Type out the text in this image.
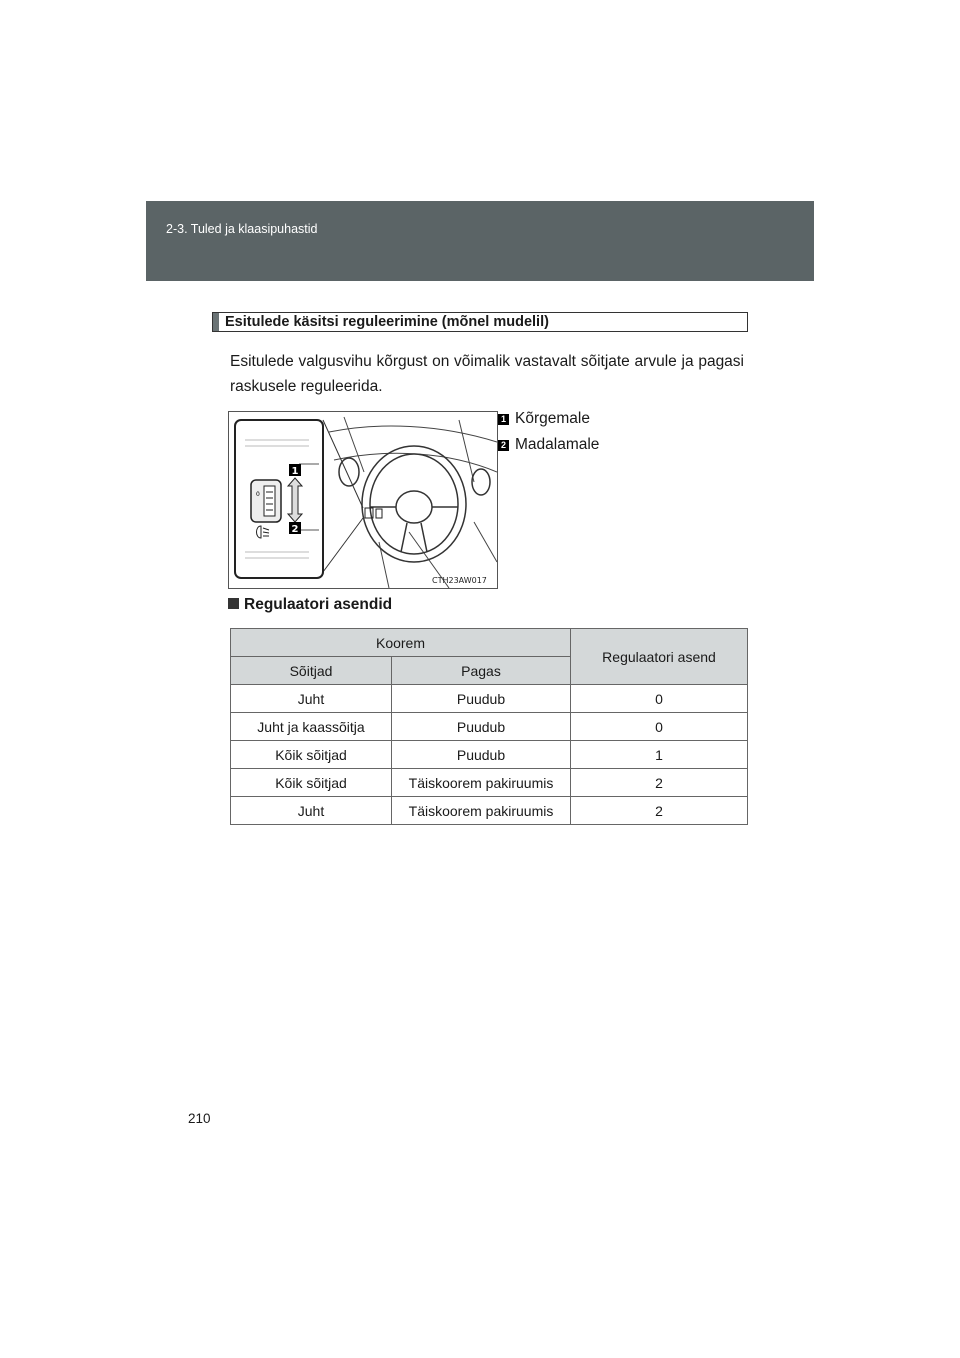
2-3. Tuled ja klaasipuhastid
Esitulede käsitsi reguleerimine (mõnel mudelil)
Esitulede valgusvihu kõrgust on võimalik vastavalt sõitjate arvule ja pagasi raskusele reguleerida.
0
1
2
CTH23AW017
1 Kõrgemale
2 Madalamale
Regulaatori asendid
Koorem		Regulaatori asend
Sõitjad	Pagas	
Juht	Puudub	0
Juht ja kaassõitja	Puudub	0
Kõik sõitjad	Puudub	1
Kõik sõitjad	Täiskoorem pakiruumis	2
Juht	Täiskoorem pakiruumis	2
210
